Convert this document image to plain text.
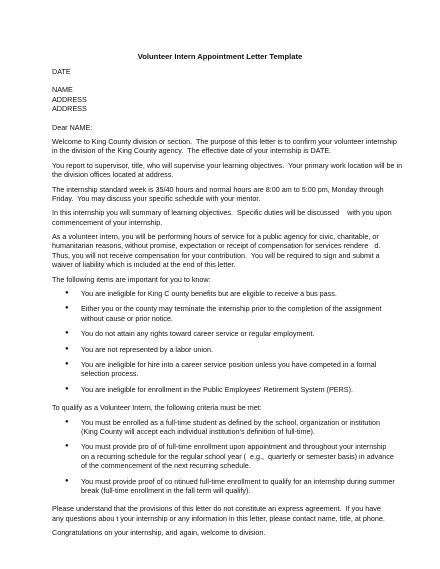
Volunteer Intern Appointment Letter Template
DATE
NAME
ADDRESS
ADDRESS
Dear NAME:
Welcome to King County division or section.  The purpose of this letter is to confirm your volunteer internship
in the division of the King County agency.  The effective date of your internship is DATE.
You report to supervisor, title, who will supervise your learning objectives.  Your primary work location will be in
the division offices located at address.
The internship standard week is 35/40 hours and normal hours are 8:00 am to 5:00 pm, Monday through
Friday.  You may discuss your specific schedule with your mentor.
In this internship you will summary of learning objectives.  Specific duties will be discussed    with you upon
commencement of your internship.
As a volunteer intern, you will be performing hours of service for a public agency for civic, charitable, or
humanitarian reasons, without promise, expectation or receipt of compensation for services rendere   d.
Thus, you will not receive compensation for your contribution.  You will be required to sign and submit a
waiver of liability which is included at the end of this letter.
The following items are important for you to know:
● You are ineligible for King C ounty benefits but are eligible to receive a bus pass.
● Either you or the county may terminate the internship prior to the completion of the assignment
without cause or prior notice.
● You do not attain any rights toward career service or regular employment.
● You are not represented by a labor union.
● You are ineligible for hire into a career service position unless you have competed in a formal
selection process.
● You are ineligible for enrollment in the Public Employees' Retirement System (PERS).
To qualify as a Volunteer Intern, the following criteria must be met:
● You must be enrolled as a full-time student as defined by the school, organization or institution
(King County will accept each individual institution's definition of full-time).
● You must provide pro of of full-time enrollment upon appointment and throughout your internship
on a recurring schedule for the regular school year (  e.g.,  quarterly or semester basis) in advance
of the commencement of the next recurring schedule.
● You must provide proof of co ntinued full-time enrollment to qualify for an internship during summer
break (full-time enrollment in the fall term will qualify).
Please understand that the provisions of this letter do not constitute an express agreement.  If you have
any questions abou t your internship or any information in this letter, please contact name, title, at phone.
Congratulations on your internship, and again, welcome to division.
